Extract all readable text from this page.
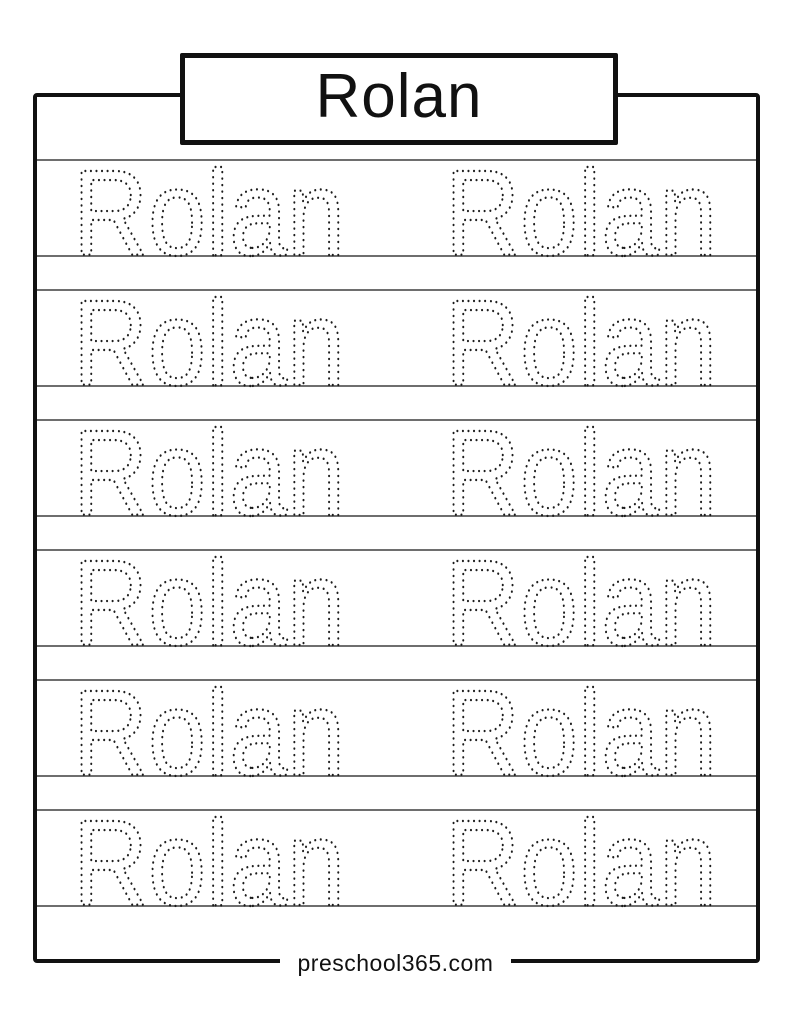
Rolan
Rolan Rolan
Rolan Rolan
Rolan Rolan
Rolan Rolan
Rolan Rolan
Rolan Rolan
preschool365.com
